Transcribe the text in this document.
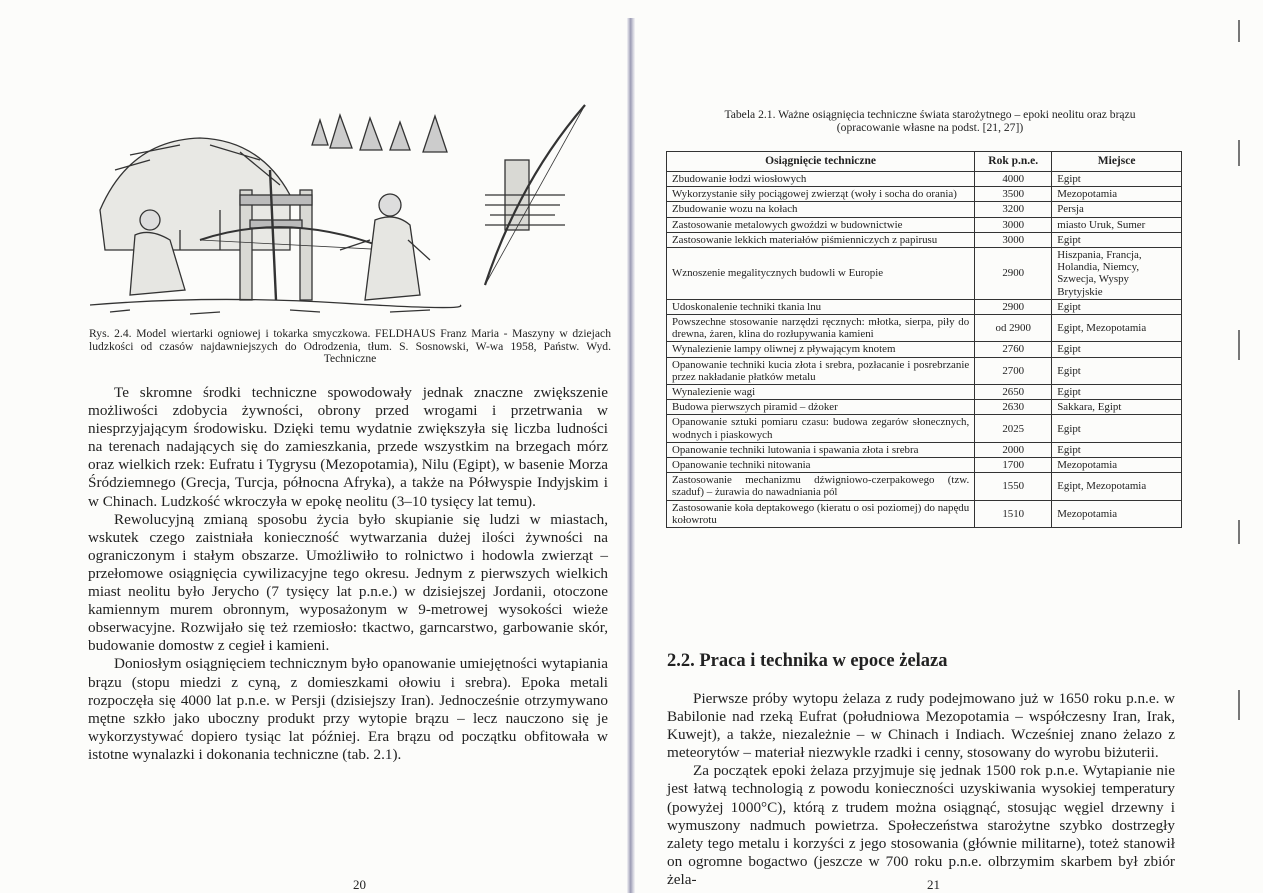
Rys. 2.4. Model wiertarki ogniowej i tokarka smyczkowa. FELDHAUS Franz Maria - Maszyny w dziejach ludzkości od czasów najdawniejszych do Odrodzenia, tłum. S. Sosnowski, W-wa 1958, Państw. Wyd. Techniczne

Te skromne środki techniczne spowodowały jednak znaczne zwiększenie możliwości zdobycia żywności, obrony przed wrogami i przetrwania w niesprzyjającym środowisku. Dzięki temu wydatnie zwiększyła się liczba ludności na terenach nadających się do zamieszkania, przede wszystkim na brzegach mórz oraz wielkich rzek: Eufratu i Tygrysu (Mezopotamia), Nilu (Egipt), w basenie Morza Śródziemnego (Grecja, Turcja, północna Afryka), a także na Półwyspie Indyjskim i w Chinach. Ludzkość wkroczyła w epokę neolitu (3–10 tysięcy lat temu).

Rewolucyjną zmianą sposobu życia było skupianie się ludzi w miastach, wskutek czego zaistniała konieczność wytwarzania dużej ilości żywności na ograniczonym i stałym obszarze. Umożliwiło to rolnictwo i hodowla zwierząt – przełomowe osiągnięcia cywilizacyjne tego okresu. Jednym z pierwszych wielkich miast neolitu było Jerycho (7 tysięcy lat p.n.e.) w dzisiejszej Jordanii, otoczone kamiennym murem obronnym, wyposażonym w 9-metrowej wysokości wieże obserwacyjne. Rozwijało się też rzemiosło: tkactwo, garncarstwo, garbowanie skór, budowanie domostw z cegieł i kamieni.

Doniosłym osiągnięciem technicznym było opanowanie umiejętności wytapiania brązu (stopu miedzi z cyną, z domieszkami ołowiu i srebra). Epoka metali rozpoczęła się 4000 lat p.n.e. w Persji (dzisiejszy Iran). Jednocześnie otrzymywano mętne szkło jako uboczny produkt przy wytopie brązu – lecz nauczono się je wykorzystywać dopiero tysiąc lat później. Era brązu od początku obfitowała w istotne wynalazki i dokonania techniczne (tab. 2.1).

20
Tabela 2.1. Ważne osiągnięcia techniczne świata starożytnego – epoki neolitu oraz brązu
(opracowanie własne na podst. [21, 27])
Osiągnięcie techniczne	Rok p.n.e.	Miejsce
Zbudowanie łodzi wiosłowych	4000	Egipt
Wykorzystanie siły pociągowej zwierząt (woły i socha do orania)	3500	Mezopotamia
Zbudowanie wozu na kołach	3200	Persja
Zastosowanie metalowych gwoździ w budownictwie	3000	miasto Uruk, Sumer
Zastosowanie lekkich materiałów piśmienniczych z papirusu	3000	Egipt
Wznoszenie megalitycznych budowli w Europie	2900	Hiszpania, Francja, Holandia, Niemcy, Szwecja, Wyspy Brytyjskie
Udoskonalenie techniki tkania lnu	2900	Egipt
Powszechne stosowanie narzędzi ręcznych: młotka, sierpa, piły do drewna, żaren, klina do rozłupywania kamieni	od 2900	Egipt, Mezopotamia
Wynalezienie lampy oliwnej z pływającym knotem	2760	Egipt
Opanowanie techniki kucia złota i srebra, pozłacanie i posrebrzanie przez nakładanie płatków metalu	2700	Egipt
Wynalezienie wagi	2650	Egipt
Budowa pierwszych piramid – dżoker	2630	Sakkara, Egipt
Opanowanie sztuki pomiaru czasu: budowa zegarów słonecznych, wodnych i piaskowych	2025	Egipt
Opanowanie techniki lutowania i spawania złota i srebra	2000	Egipt
Opanowanie techniki nitowania	1700	Mezopotamia
Zastosowanie mechanizmu dźwigniowo-czerpakowego (tzw. szaduf) – żurawia do nawadniania pól	1550	Egipt, Mezopotamia
Zastosowanie koła deptakowego (kieratu o osi poziomej) do napędu kołowrotu	1510	Mezopotamia
2.2. Praca i technika w epoce żelaza

Pierwsze próby wytopu żelaza z rudy podejmowano już w 1650 roku p.n.e. w Babilonie nad rzeką Eufrat (południowa Mezopotamia – współczesny Iran, Irak, Kuwejt), a także, niezależnie – w Chinach i Indiach. Wcześniej znano żelazo z meteorytów – materiał niezwykle rzadki i cenny, stosowany do wyrobu biżuterii.

Za początek epoki żelaza przyjmuje się jednak 1500 rok p.n.e. Wytapianie nie jest łatwą technologią z powodu konieczności uzyskiwania wysokiej temperatury (powyżej 1000°C), którą z trudem można osiągnąć, stosując węgiel drzewny i wymuszony nadmuch powietrza. Społeczeństwa starożytne szybko dostrzegły zalety tego metalu i korzyści z jego stosowania (głównie militarne), toteż stanowił on ogromne bogactwo (jeszcze w 700 roku p.n.e. olbrzymim skarbem był zbiór żela-	21
